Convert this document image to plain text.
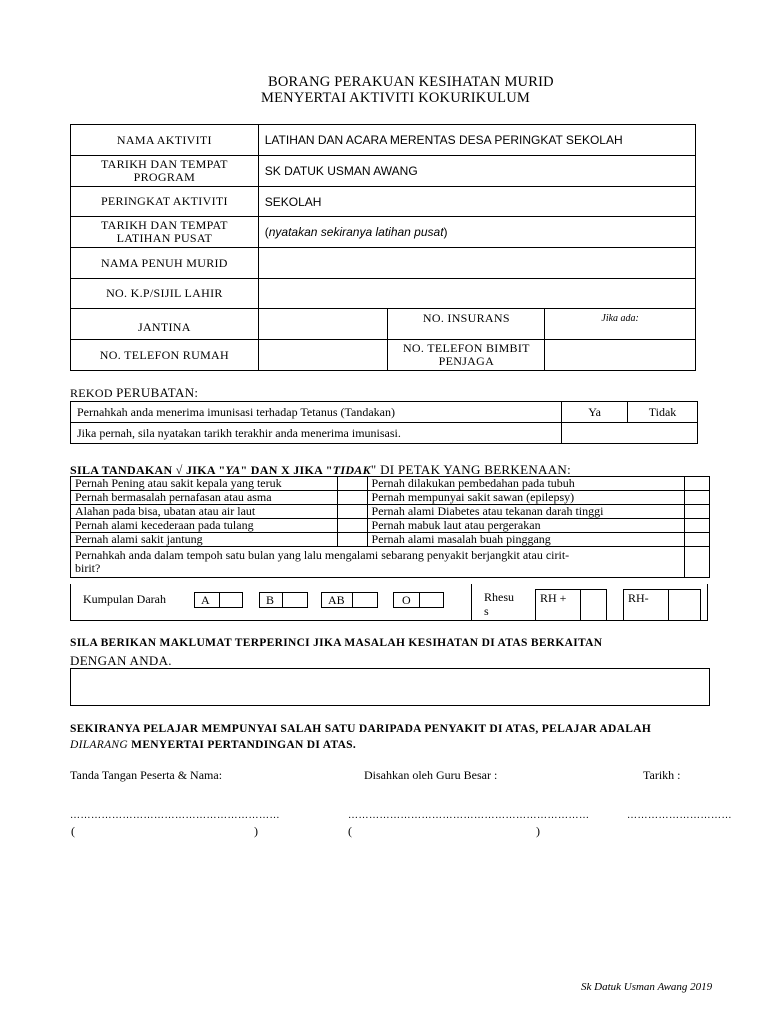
BORANG PERAKUAN KESIHATAN MURID
MENYERTAI AKTIVITI KOKURIKULUM
NAMA AKTIVITI	LATIHAN DAN ACARA MERENTAS DESA PERINGKAT SEKOLAH		

TARIKH DAN TEMPAT
PROGRAM	SK DATUK USMAN AWANG		
PERINGKAT AKTIVITI	SEKOLAH		

TARIKH DAN TEMPAT
LATIHAN PUSAT	(nyatakan sekiranya latihan pusat)		
NAMA PENUH MURID			
NO. K.P/SIJIL LAHIR			
JANTINA		NO. INSURANS	Jika ada:
NO. TELEFON RUMAH		NO. TELEFON BIMBIT
PENJAGA	

REKOD PERUBATAN:
Pernahkah anda menerima imunisasi terhadap Tetanus (Tandakan)	Ya	Tidak
Jika pernah, sila nyatakan tarikh terakhir anda menerima imunisasi.		
SILA TANDAKAN √ JIKA "YA" DAN X JIKA "TIDAK" DI PETAK YANG BERKENAAN:
Pernah Pening atau sakit kepala yang teruk		Pernah dilakukan pembedahan pada tubuh	
Pernah bermasalah pernafasan atau asma		Pernah mempunyai sakit sawan (epilepsy)	
Alahan pada bisa, ubatan atau air laut		Pernah alami Diabetes atau tekanan darah tinggi	
Pernah alami kecederaan pada tulang		Pernah mabuk laut atau pergerakan	
Pernah alami sakit jantung		Pernah alami masalah buah pinggang	

Pernahkah anda dalam tempoh satu bulan yang lalu mengalami sebarang penyakit berjangkit atau cirit-
birit?			

Kumpulan Darah	A	B	AB	O	Rhesu
s
RH +	RH-
SILA BERIKAN MAKLUMAT TERPERINCI JIKA MASALAH KESIHATAN DI ATAS BERKAITAN
DENGAN ANDA.
SEKIRANYA PELAJAR MEMPUNYAI SALAH SATU DARIPADA PENYAKIT DI ATAS, PELAJAR ADALAH
DILARANG MENYERTAI PERTANDINGAN DI ATAS.
Tanda Tangan Peserta & Nama:	Disahkan oleh Guru Besar :	Tarikh :
……………………………………………………	……………………………………………………………	…………………………
(	)	(	)
Sk Datuk Usman Awang 2019
